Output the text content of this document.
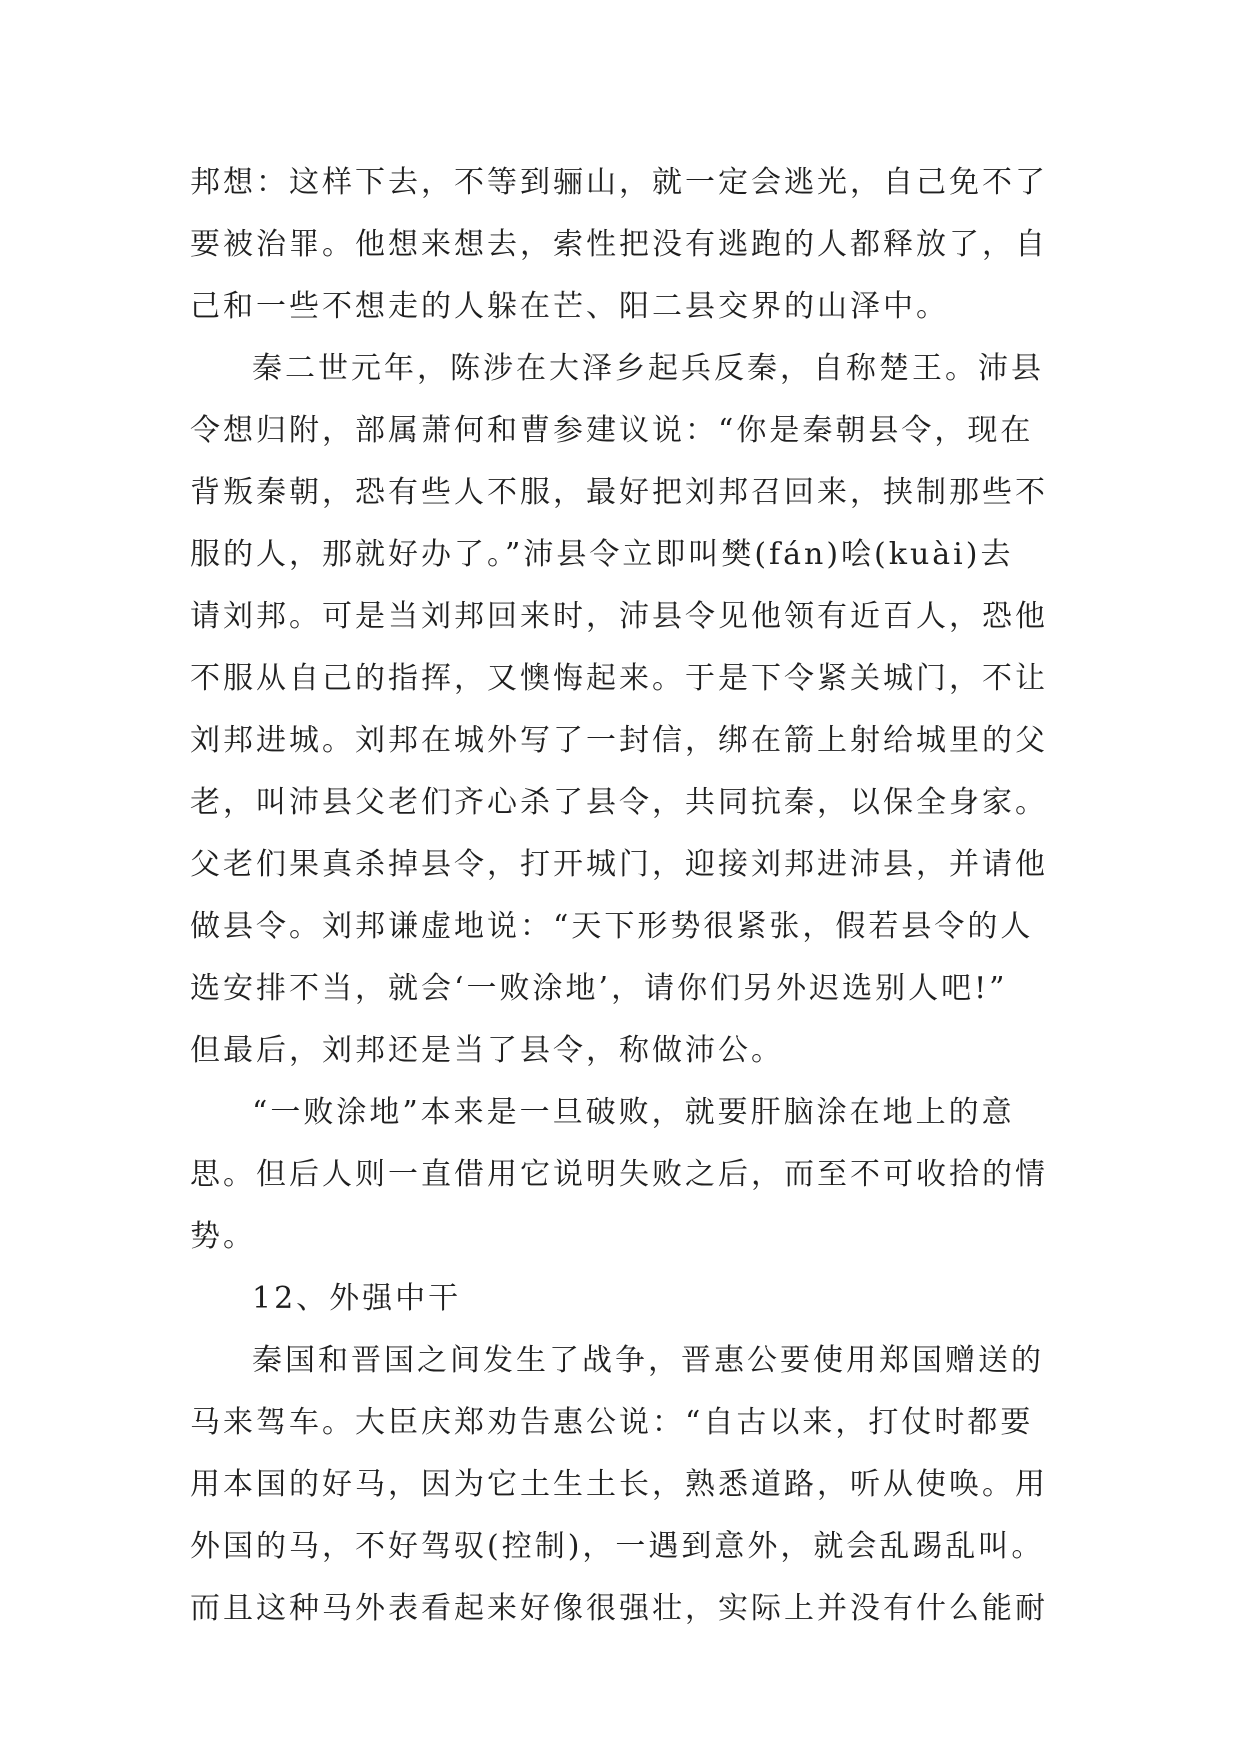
邦想：这样下去，不等到骊山，就一定会逃光，自己免不了
要被治罪。他想来想去，索性把没有逃跑的人都释放了，自
己和一些不想走的人躲在芒、阳二县交界的山泽中。
秦二世元年，陈涉在大泽乡起兵反秦，自称楚王。沛县
令想归附，部属萧何和曹参建议说：“你是秦朝县令，现在
背叛秦朝，恐有些人不服，最好把刘邦召回来，挟制那些不
服的人，那就好办了。”沛县令立即叫樊(fán)哙(kuài)去
请刘邦。可是当刘邦回来时，沛县令见他领有近百人，恐他
不服从自己的指挥，又懊悔起来。于是下令紧关城门，不让
刘邦进城。刘邦在城外写了一封信，绑在箭上射给城里的父
老，叫沛县父老们齐心杀了县令，共同抗秦，以保全身家。
父老们果真杀掉县令，打开城门，迎接刘邦进沛县，并请他
做县令。刘邦谦虚地说：“天下形势很紧张，假若县令的人
选安排不当，就会‘一败涂地’，请你们另外迟选别人吧!”
但最后，刘邦还是当了县令，称做沛公。
“一败涂地”本来是一旦破败，就要肝脑涂在地上的意
思。但后人则一直借用它说明失败之后，而至不可收拾的情
势。
12、外强中干
秦国和晋国之间发生了战争，晋惠公要使用郑国赠送的
马来驾车。大臣庆郑劝告惠公说：“自古以来，打仗时都要
用本国的好马，因为它土生土长，熟悉道路，听从使唤。用
外国的马，不好驾驭(控制)，一遇到意外，就会乱踢乱叫。
而且这种马外表看起来好像很强壮，实际上并没有什么能耐
